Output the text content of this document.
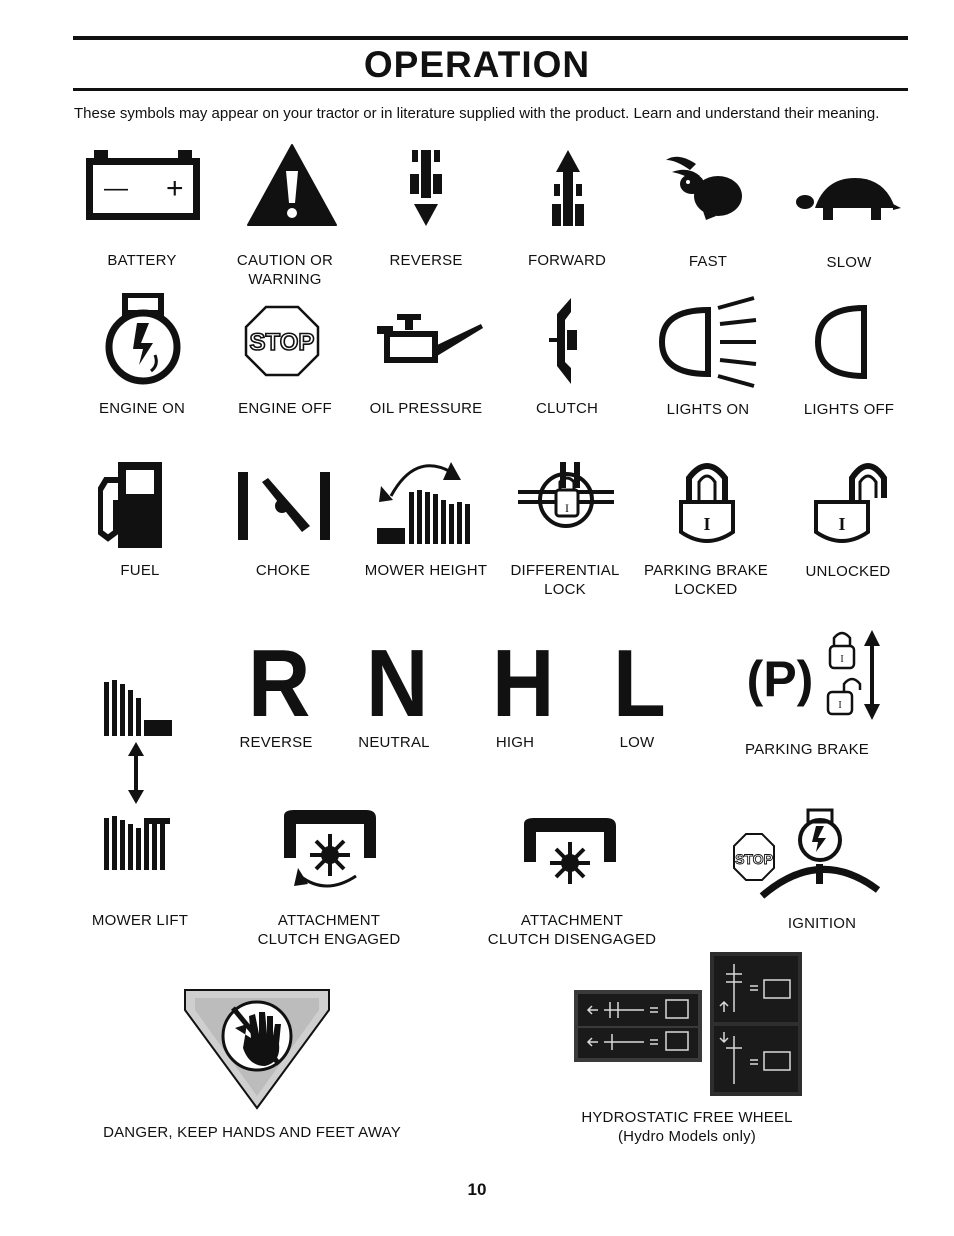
OPERATION

These symbols may appear on your tractor or in literature supplied with the product. Learn and understand their meaning.

— +
BATTERY	CAUTION OR
WARNING
REVERSE	FORWARD	FAST	SLOW
ENGINE ON
STOP
ENGINE OFF	OIL PRESSURE	CLUTCH	LIGHTS ON	LIGHTS OFF
FUEL	CHOKE	MOWER HEIGHT
I
DIFFERENTIAL
LOCK
I
PARKING BRAKE
LOCKED
I
UNLOCKED
MOWER LIFT
R
REVERSE
N
NEUTRAL
H
HIGH
L
LOW
(P)	I
I
PARKING BRAKE
ATTACHMENT
CLUTCH ENGAGED
ATTACHMENT
CLUTCH DISENGAGED
STOP
IGNITION
DANGER, KEEP HANDS AND FEET AWAY
HYDROSTATIC FREE WHEEL
(Hydro Models only)
10
